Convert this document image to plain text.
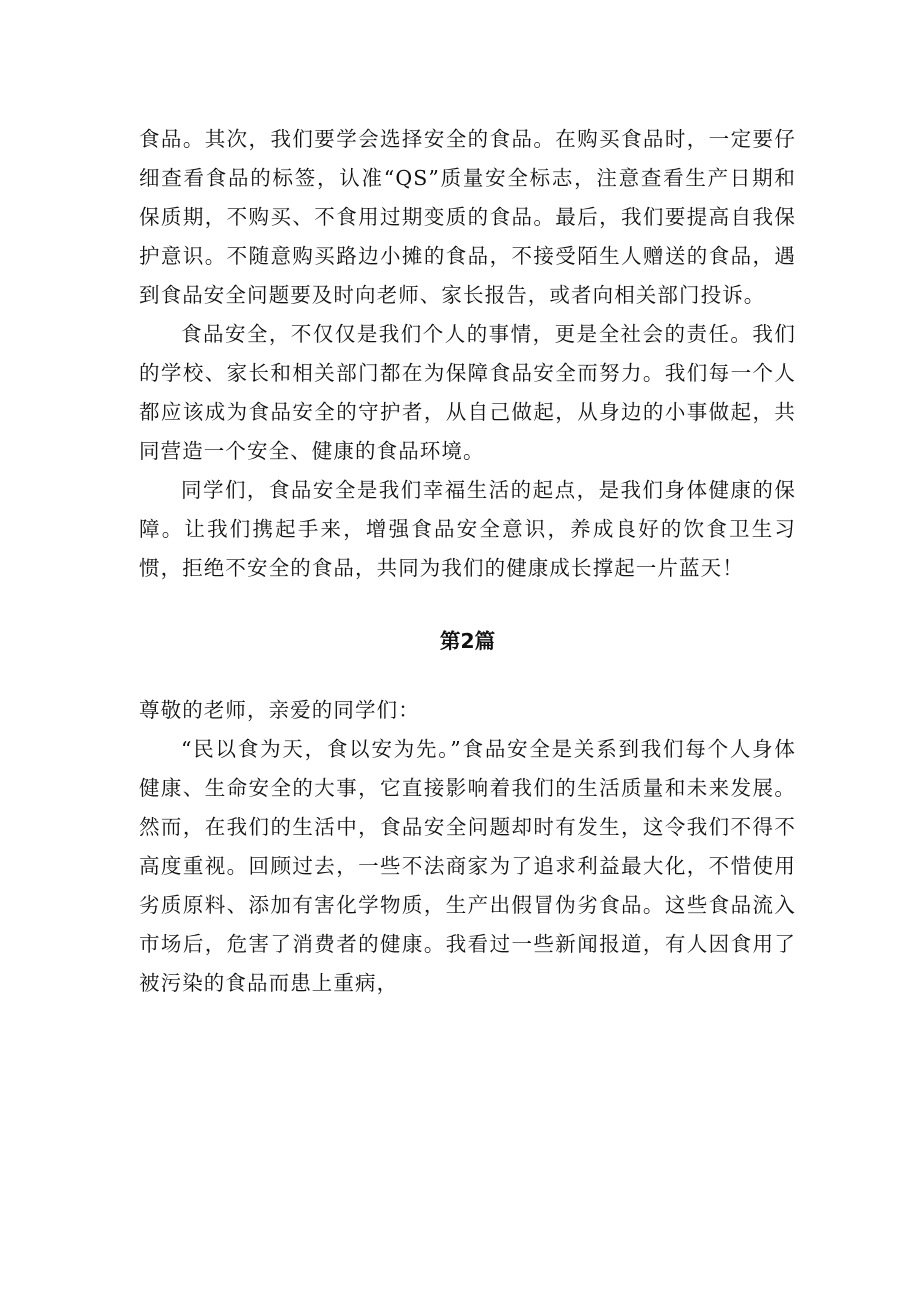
食品。其次，我们要学会选择安全的食品。在购买食品时，一定要仔细查看食品的标签，认准“QS”质量安全标志，注意查看生产日期和保质期，不购买、不食用过期变质的食品。最后，我们要提高自我保护意识。不随意购买路边小摊的食品，不接受陌生人赠送的食品，遇到食品安全问题要及时向老师、家长报告，或者向相关部门投诉。

食品安全，不仅仅是我们个人的事情，更是全社会的责任。我们的学校、家长和相关部门都在为保障食品安全而努力。我们每一个人都应该成为食品安全的守护者，从自己做起，从身边的小事做起，共同营造一个安全、健康的食品环境。

同学们，食品安全是我们幸福生活的起点，是我们身体健康的保障。让我们携起手来，增强食品安全意识，养成良好的饮食卫生习惯，拒绝不安全的食品，共同为我们的健康成长撑起一片蓝天！

第2篇

尊敬的老师，亲爱的同学们：

“民以食为天，食以安为先。”食品安全是关系到我们每个人身体健康、生命安全的大事，它直接影响着我们的生活质量和未来发展。然而，在我们的生活中，食品安全问题却时有发生，这令我们不得不高度重视。回顾过去，一些不法商家为了追求利益最大化，不惜使用劣质原料、添加有害化学物质，生产出假冒伪劣食品。这些食品流入市场后，危害了消费者的健康。我看过一些新闻报道，有人因食用了被污染的食品而患上重病，
